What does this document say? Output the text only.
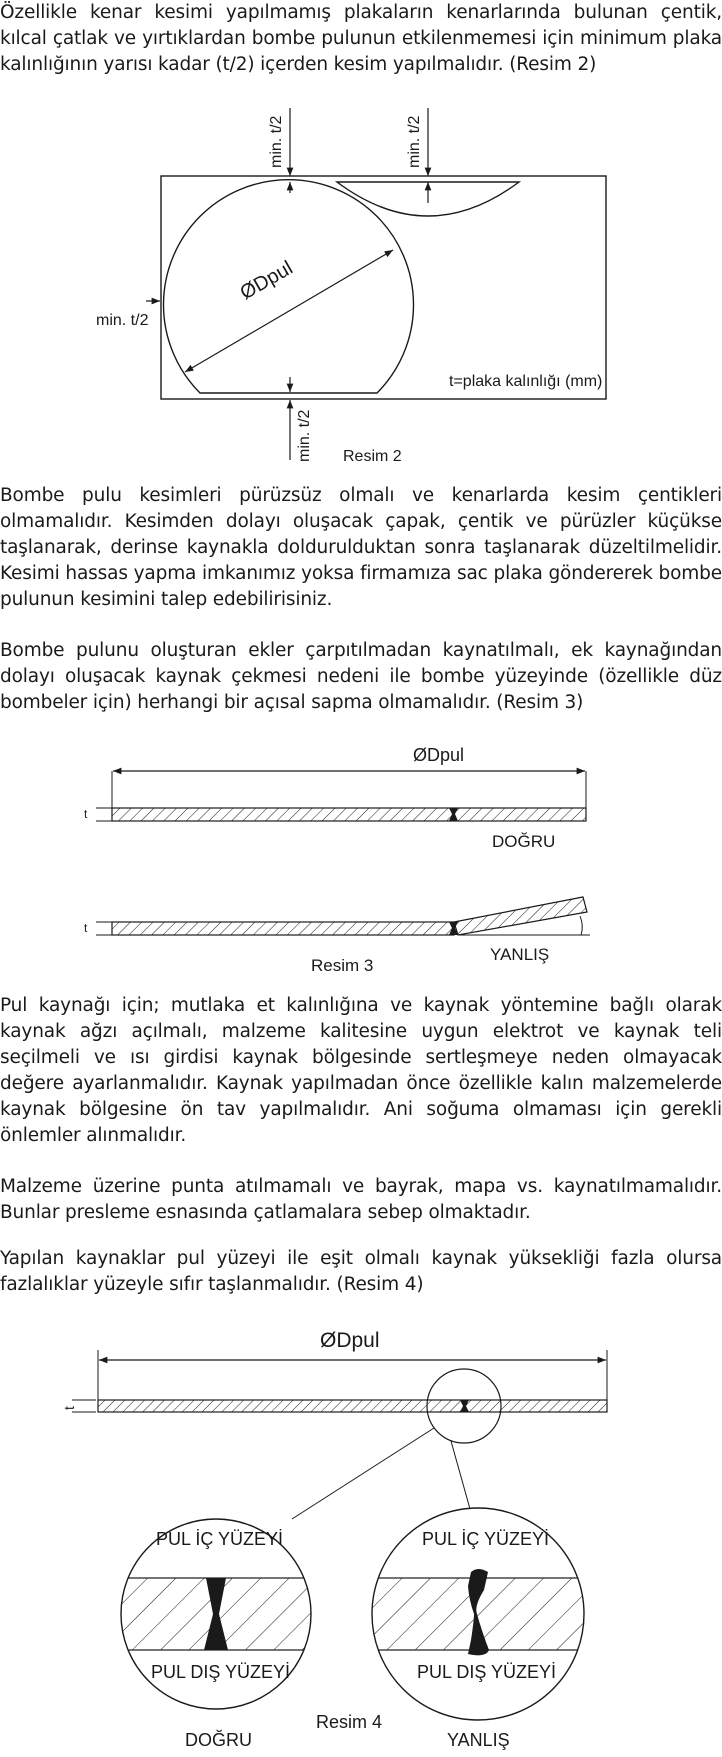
Özellikle kenar kesimi yapılmamış plakaların kenarlarında bulunan çentik, kılcal çatlak ve yırtıklardan bombe pulunun etkilenmemesi için minimum plaka kalınlığının yarısı kadar (t/2) içerden kesim yapılmalıdır. (Resim 2)

min. t/2	min. t/2
min. t/2
min. t/2
ØDpul
t=plaka kalınlığı (mm)
Resim 2

Bombe pulu kesimleri pürüzsüz olmalı ve kenarlarda kesim çentikleri olmamalıdır. Kesimden dolayı oluşacak çapak, çentik ve pürüzler küçükse taşlanarak, derinse kaynakla doldurulduktan sonra taşlanarak düzeltilmelidir. Kesimi hassas yapma imkanımız yoksa firmamıza sac plaka göndererek bombe pulunun kesimini talep edebilirisiniz.

Bombe pulunu oluşturan ekler çarpıtılmadan kaynatılmalı, ek kaynağından dolayı oluşacak kaynak çekmesi nedeni ile bombe yüzeyinde (özellikle düz bombeler için) herhangi bir açısal sapma olmamalıdır. (Resim 3)

ØDpul
t
DOĞRU
t
YANLIŞ
Resim 3

Pul kaynağı için; mutlaka et kalınlığına ve kaynak yöntemine bağlı olarak kaynak ağzı açılmalı, malzeme kalitesine uygun elektrot ve kaynak teli seçilmeli ve ısı girdisi kaynak bölgesinde sertleşmeye neden olmayacak değere ayarlanmalıdır. Kaynak yapılmadan önce özellikle kalın malzemelerde kaynak bölgesine ön tav yapılmalıdır. Ani soğuma olmaması için gerekli önlemler alınmalıdır.

Malzeme üzerine punta atılmamalı ve bayrak, mapa vs. kaynatılmamalıdır. Bunlar presleme esnasında çatlamalara sebep olmaktadır.

Yapılan kaynaklar pul yüzeyi ile eşit olmalı kaynak yüksekliği fazla olursa fazlalıklar yüzeyle sıfır taşlanmalıdır. (Resim 4)

ØDpul
t
PUL İÇ YÜZEYİ
PUL DIŞ YÜZEYİ
PUL İÇ YÜZEYİ
PUL DIŞ YÜZEYİ
DOĞRU	YANLIŞ
Resim 4
